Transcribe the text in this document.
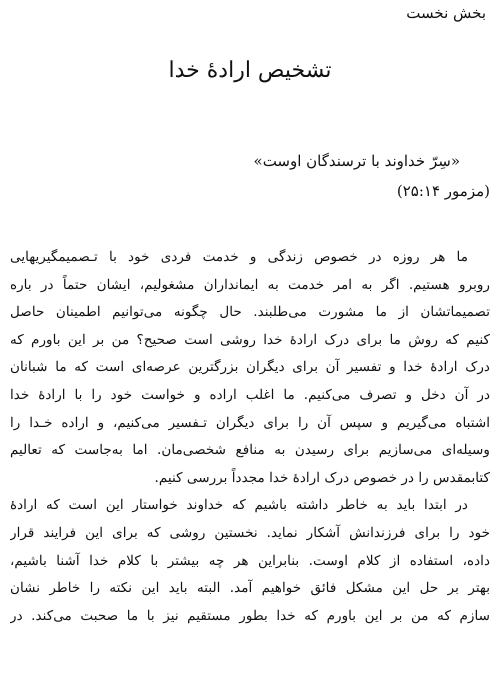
بخش نخست
تشخیص ارادهٔ خدا
«سِرّ خداوند با ترسندگان اوست»
(مزمور ۲۵:۱۴)
ما هر روزه در خصوص زندگی و خدمت فردی خود با تـصمیمگیریهایی
روبرو هستیم. اگر به امر خدمت به ایمانداران مشغولیم، ایشان حتماً در باره
تصمیماتشان از ما مشورت می‌طلبند. حال چگونه می‌توانیم اطمینان حاصل
کنیم که روش ما برای درک ارادهٔ خدا روشی است صحیح؟ من بر این باورم که
درک ارادهٔ خدا و تفسیر آن برای دیگران بزرگترین عرصه‌ای است که ما شبانان
در آن دخل و تصرف می‌کنیم. ما اغلب اراده و خواست خود را با ارادهٔ خدا
اشتباه می‌گیریم و سپس آن را برای دیگران تـفسیر می‌کنیم، و اراده خـدا را
وسیله‌ای می‌سازیم برای رسیدن به منافع شخصی‌مان. اما به‌جاست که تعالیم
کتابمقدس را در خصوص درک ارادهٔ خدا مجدداً بررسی کنیم.
در ابتدا باید به خاطر داشته باشیم که خداوند خواستار این است که ارادهٔ
خود را برای فرزندانش آشکار نماید. نخستین روشی که برای این فرایند قرار
داده، استفاده از کلام اوست. بنابراین هر چه بیشتر با کلام خدا آشنا باشیم،
بهتر بر حل این مشکل فائق خواهیم آمد. البته باید این نکته را خاطر نشان
سازم که من بر این باورم که خدا بطور مستقیم نیز با ما صحبت می‌کند. در
